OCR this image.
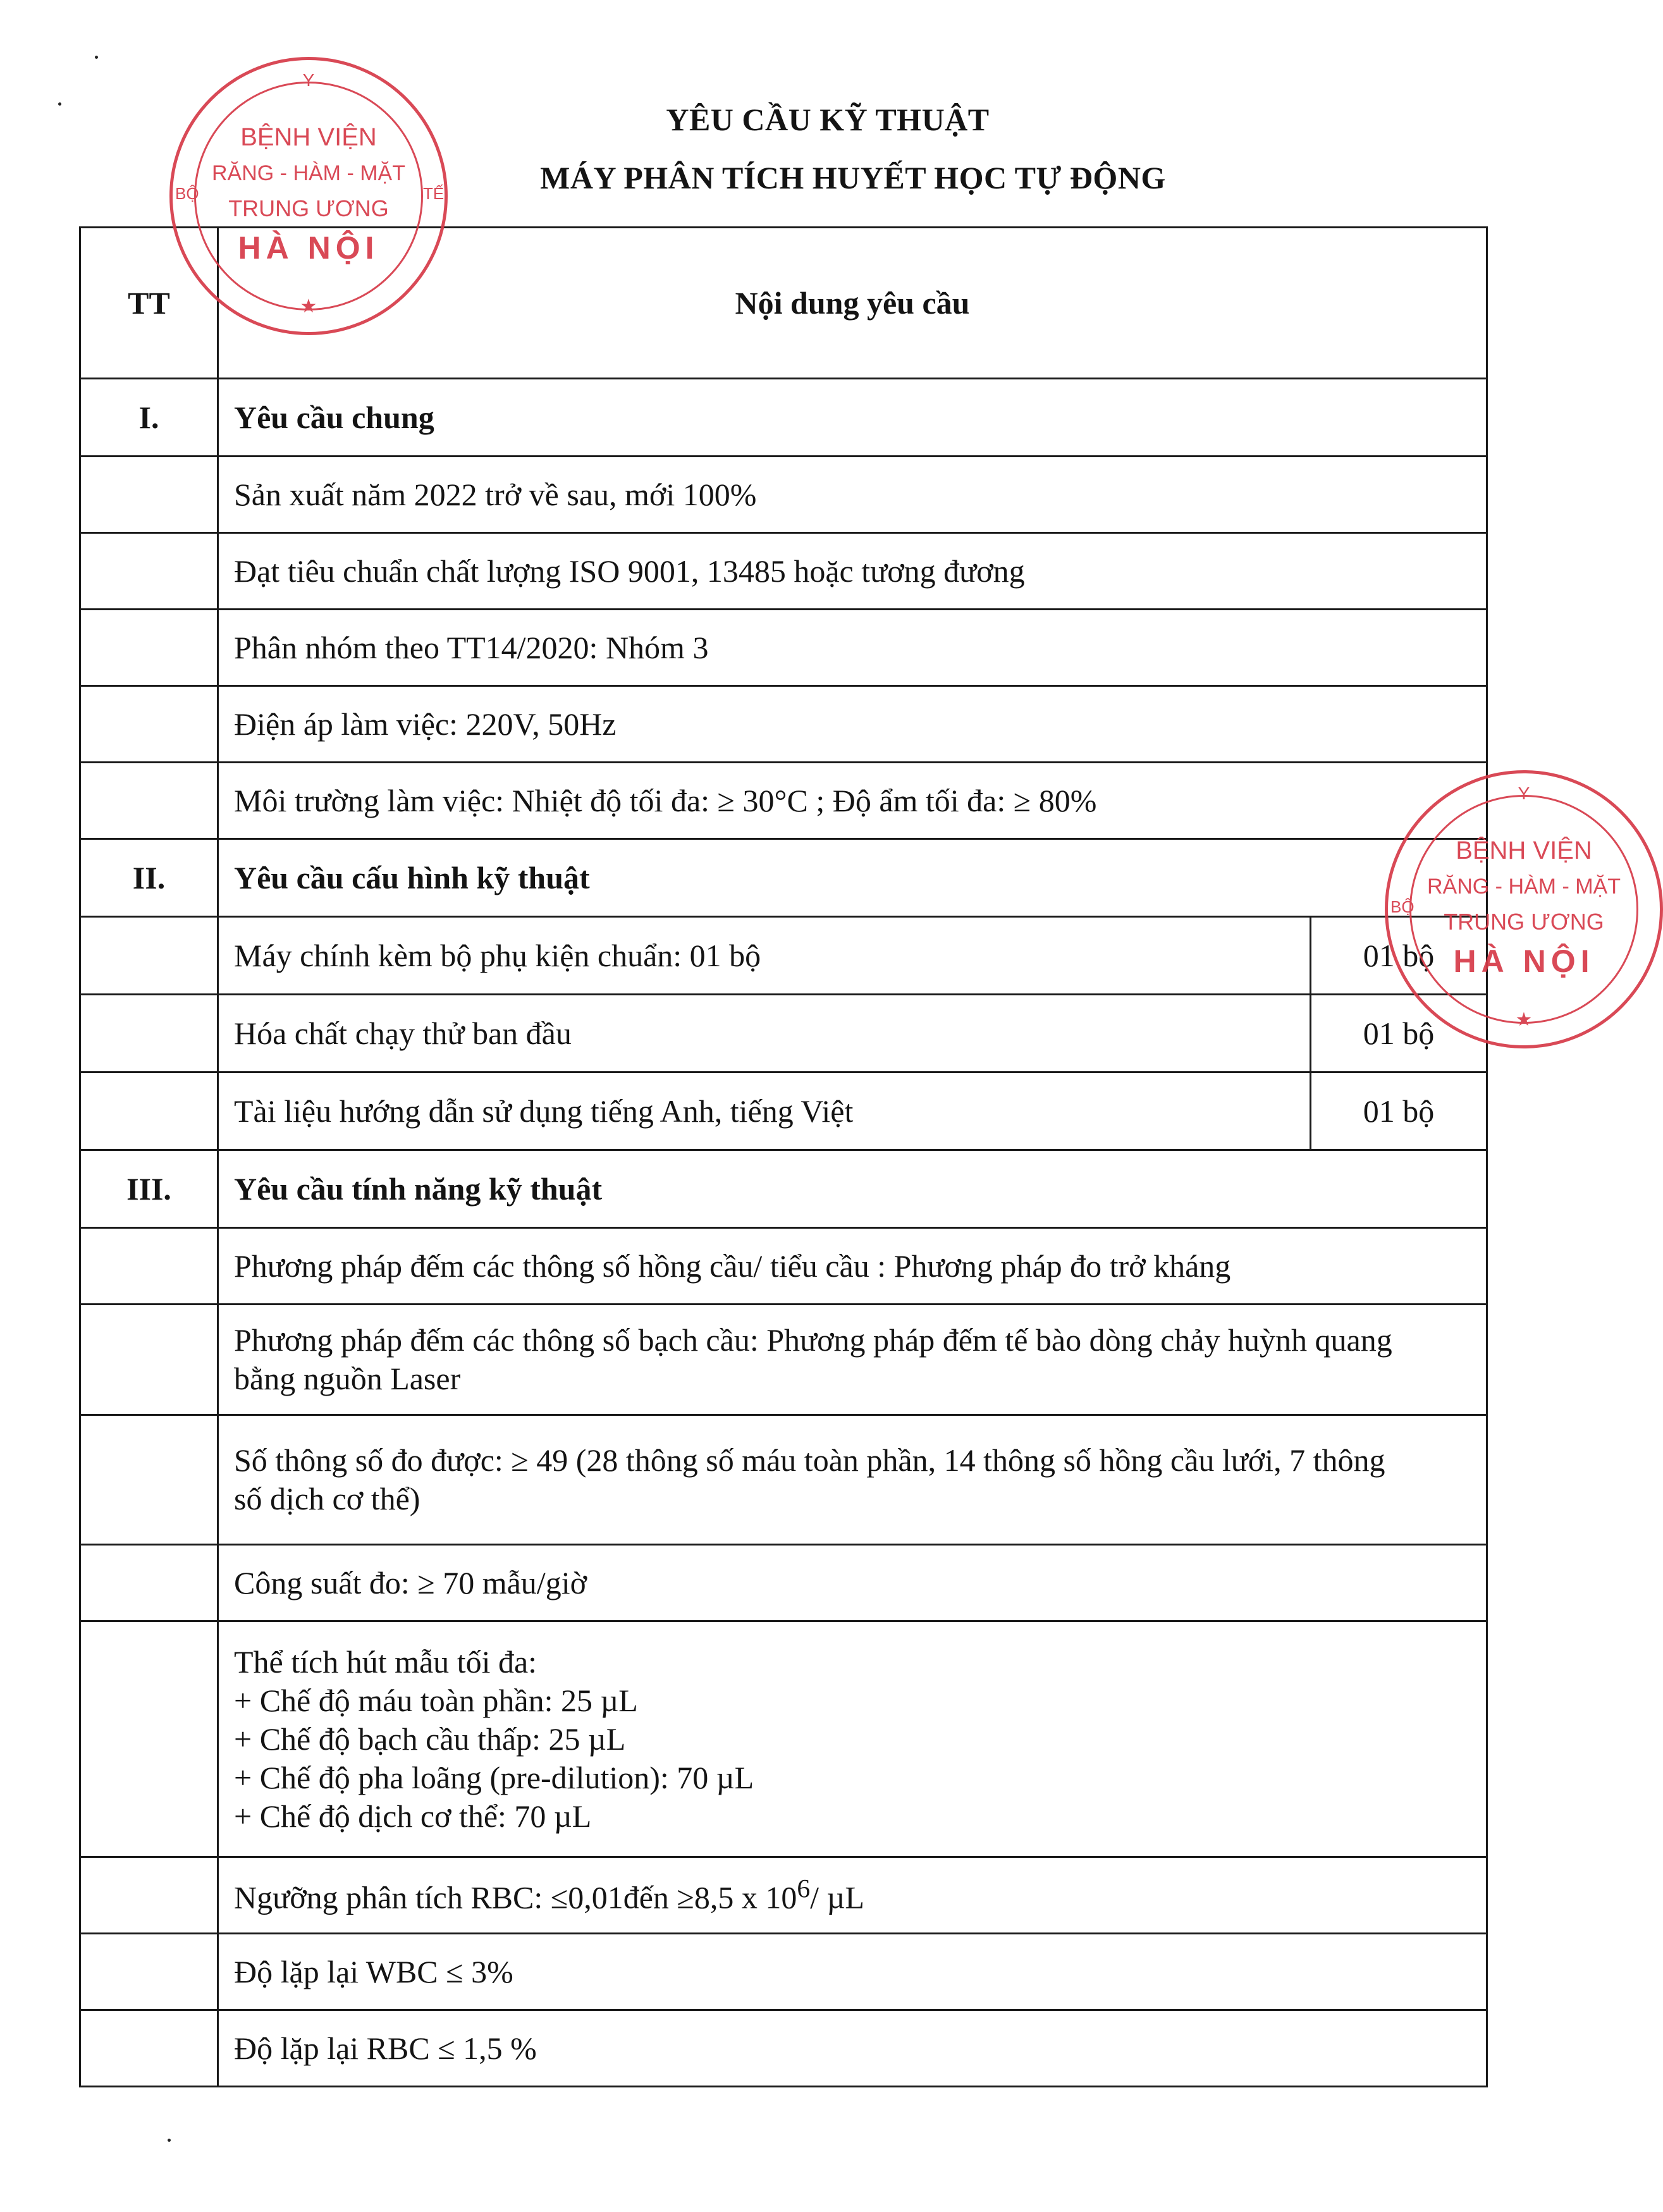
YÊU CẦU KỸ THUẬT
MÁY PHÂN TÍCH HUYẾT HỌC TỰ ĐỘNG
TT	Nội dung yêu cầu	
I.	Yêu cầu chung	
	Sản xuất năm 2022 trở về sau, mới 100%	
	Đạt tiêu chuẩn chất lượng ISO 9001, 13485 hoặc tương đương	
	Phân nhóm theo TT14/2020: Nhóm 3	
	Điện áp làm việc: 220V, 50Hz	
	Môi trường làm việc: Nhiệt độ tối đa: ≥ 30°C ; Độ ẩm tối đa: ≥ 80%	
II.	Yêu cầu cấu hình kỹ thuật	
	Máy chính kèm bộ phụ kiện chuẩn: 01 bộ	01 bộ
	Hóa chất chạy thử ban đầu	01 bộ
	Tài liệu hướng dẫn sử dụng tiếng Anh, tiếng Việt	01 bộ
III.	Yêu cầu tính năng kỹ thuật	
	Phương pháp đếm các thông số hồng cầu/ tiểu cầu : Phương pháp đo trở kháng	

	Phương pháp đếm các thông số bạch cầu: Phương pháp đếm tế bào dòng chảy huỳnh quang
bằng nguồn Laser	

	Số thông số đo được: ≥ 49 (28 thông số máu toàn phần, 14 thông số hồng cầu lưới, 7 thông
số dịch cơ thể)	

	Công suất đo: ≥ 70 mẫu/giờ	

	Thể tích hút mẫu tối đa:
+ Chế độ máu toàn phần: 25 µL
+ Chế độ bạch cầu thấp: 25 µL
+ Chế độ pha loãng (pre-dilution): 70 µL
+ Chế độ dịch cơ thể: 70 µL	

	Ngưỡng phân tích RBC: ≤0,01đến ≥8,5 x $10^6/$ µL	
	Độ lặp lại WBC ≤ 3%	
	Độ lặp lại RBC ≤ 1,5 %	
Y
BỆNH VIỆN
RĂNG - HÀM - MẶT
TRUNG ƯƠNG
HÀ NỘI
★
BỘ	TẾ
Y
BỆNH VIỆN
RĂNG - HÀM - MẶT
TRUNG ƯƠNG
HÀ NỘI
★
BỘ
